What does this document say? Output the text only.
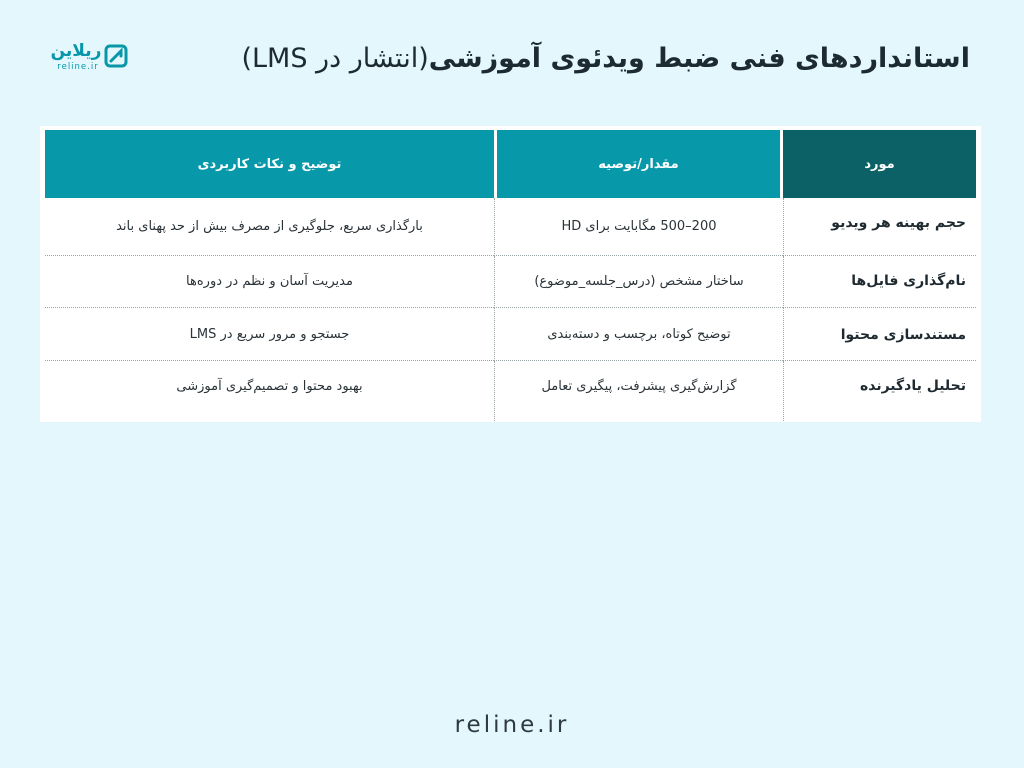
استانداردهای فنی ضبط ویدئوی آموزشی(انتشار در LMS)
ریلاین
reline.ir
مورد	مقدار/توصیه	توضیح و نکات کاربردی
حجم بهینه هر ویدیو	200–500 مگابایت برای HD	بارگذاری سریع، جلوگیری از مصرف بیش از حد پهنای باند
نام‌گذاری فایل‌ها	ساختار مشخص (درس_جلسه_موضوع)	مدیریت آسان و نظم در دوره‌ها
مستندسازی محتوا	توضیح کوتاه، برچسب و دسته‌بندی	جستجو و مرور سریع در LMS
تحلیل یادگیرنده	گزارش‌گیری پیشرفت، پیگیری تعامل	بهبود محتوا و تصمیم‌گیری آموزشی
reline.ir
